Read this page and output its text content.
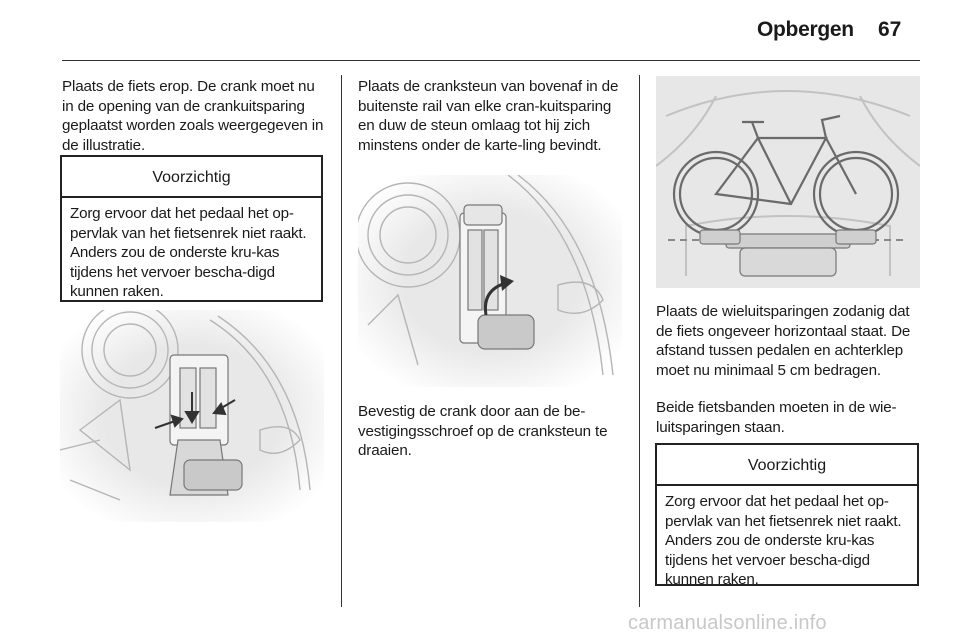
Opbergen 67

Plaats de fiets erop. De crank moet nu in de opening van de crankuitsparing geplaatst worden zoals weergegeven in de illustratie.

Voorzichtig
Zorg ervoor dat het pedaal het op-pervlak van het fietsenrek niet raakt. Anders zou de onderste kru-kas tijdens het vervoer bescha-digd kunnen raken.

Plaats de cranksteun van bovenaf in de buitenste rail van elke cran-kuitsparing en duw de steun omlaag tot hij zich minstens onder de karte-ling bevindt.

Bevestig de crank door aan de be-vestigingsschroef op de cranksteun te draaien.

Plaats de wieluitsparingen zodanig dat de fiets ongeveer horizontaal staat. De afstand tussen pedalen en achterklep moet nu minimaal 5 cm bedragen.

Beide fietsbanden moeten in de wie-luitsparingen staan.

Voorzichtig
Zorg ervoor dat het pedaal het op-pervlak van het fietsenrek niet raakt. Anders zou de onderste kru-kas tijdens het vervoer bescha-digd kunnen raken.
carmanualsonline.info
